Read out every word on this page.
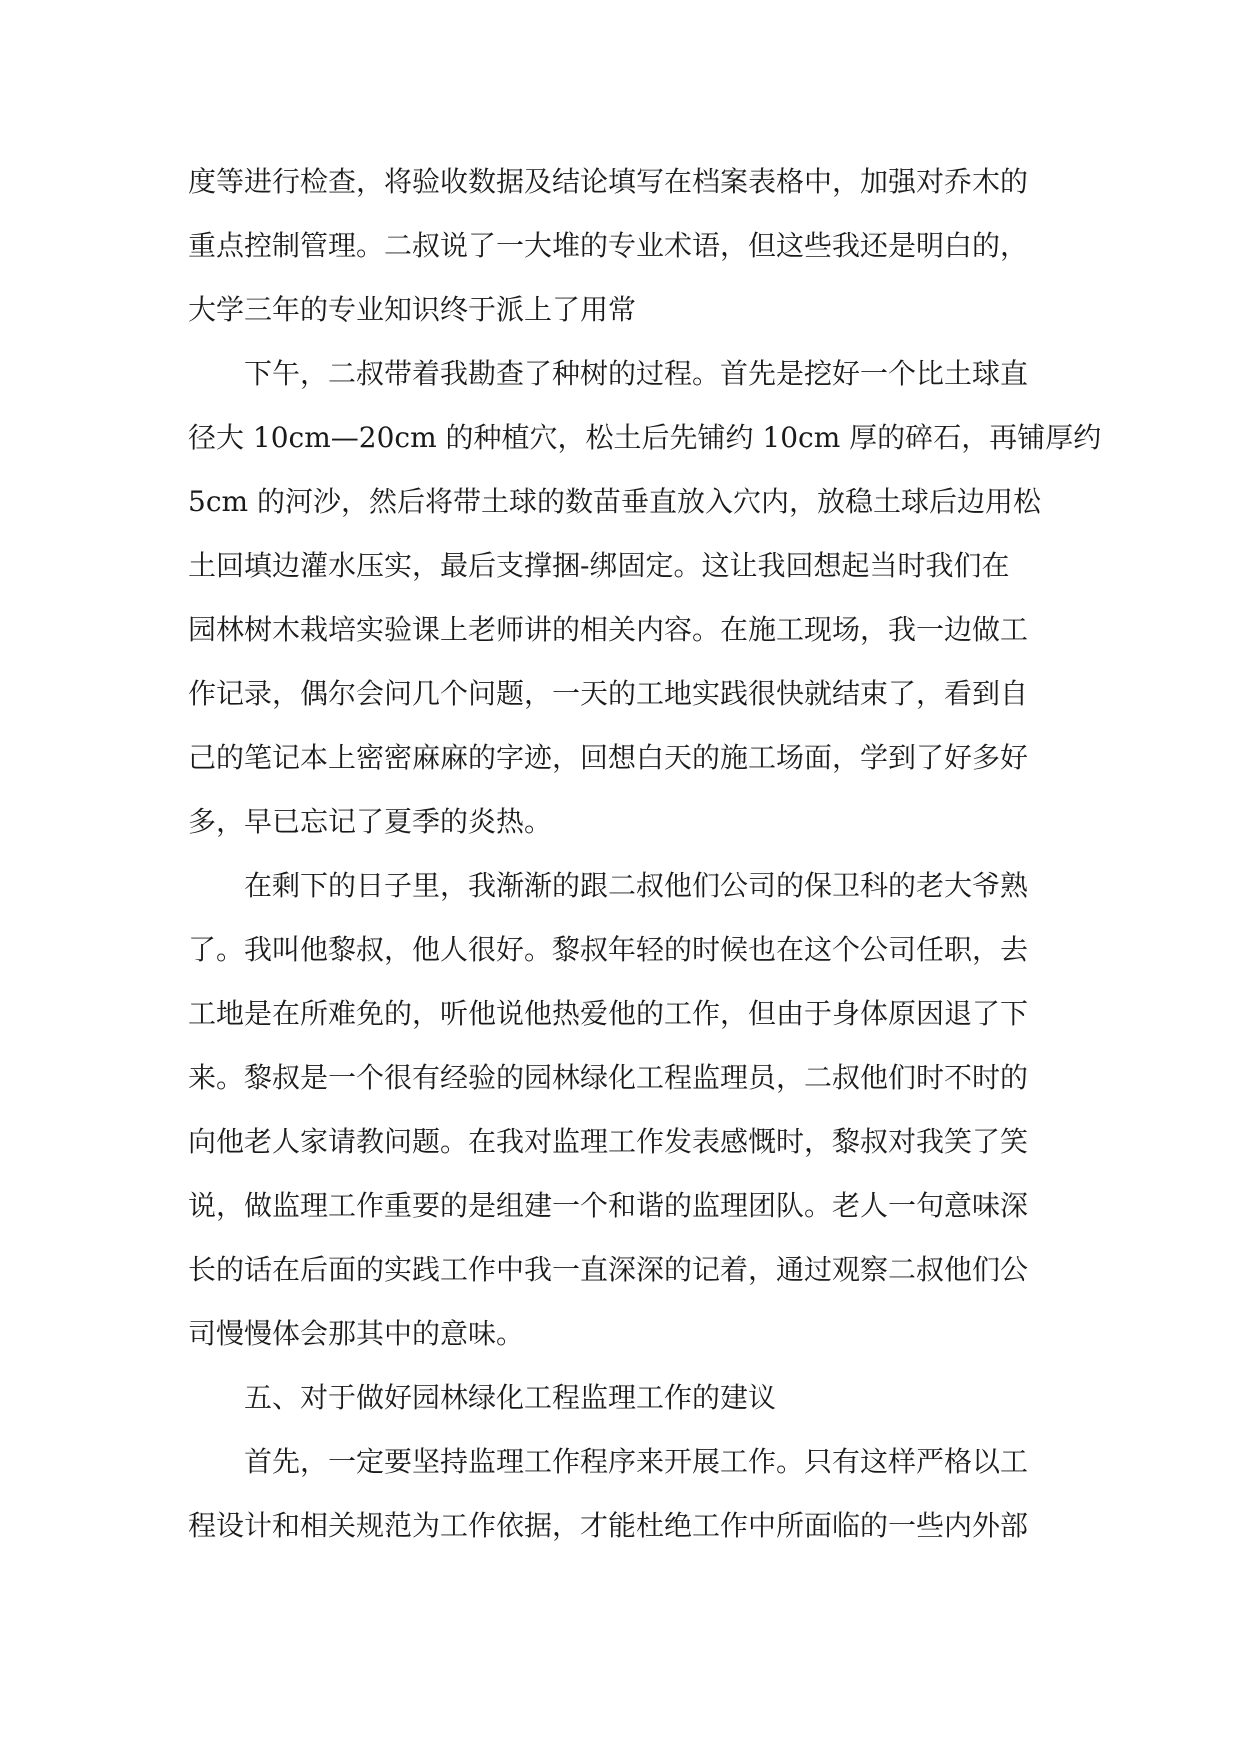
度等进行检查，将验收数据及结论填写在档案表格中，加强对乔木的
重点控制管理。二叔说了一大堆的专业术语，但这些我还是明白的，
大学三年的专业知识终于派上了用常
下午，二叔带着我勘查了种树的过程。首先是挖好一个比土球直
径大 10cm—20cm 的种植穴，松土后先铺约 10cm 厚的碎石，再铺厚约
5cm 的河沙，然后将带土球的数苗垂直放入穴内，放稳土球后边用松
土回填边灌水压实，最后支撑捆-绑固定。这让我回想起当时我们在
园林树木栽培实验课上老师讲的相关内容。在施工现场，我一边做工
作记录，偶尔会问几个问题，一天的工地实践很快就结束了，看到自
己的笔记本上密密麻麻的字迹，回想白天的施工场面，学到了好多好
多，早已忘记了夏季的炎热。
在剩下的日子里，我渐渐的跟二叔他们公司的保卫科的老大爷熟
了。我叫他黎叔，他人很好。黎叔年轻的时候也在这个公司任职，去
工地是在所难免的，听他说他热爱他的工作，但由于身体原因退了下
来。黎叔是一个很有经验的园林绿化工程监理员，二叔他们时不时的
向他老人家请教问题。在我对监理工作发表感慨时，黎叔对我笑了笑
说，做监理工作重要的是组建一个和谐的监理团队。老人一句意味深
长的话在后面的实践工作中我一直深深的记着，通过观察二叔他们公
司慢慢体会那其中的意味。
五、对于做好园林绿化工程监理工作的建议
首先，一定要坚持监理工作程序来开展工作。只有这样严格以工
程设计和相关规范为工作依据，才能杜绝工作中所面临的一些内外部
